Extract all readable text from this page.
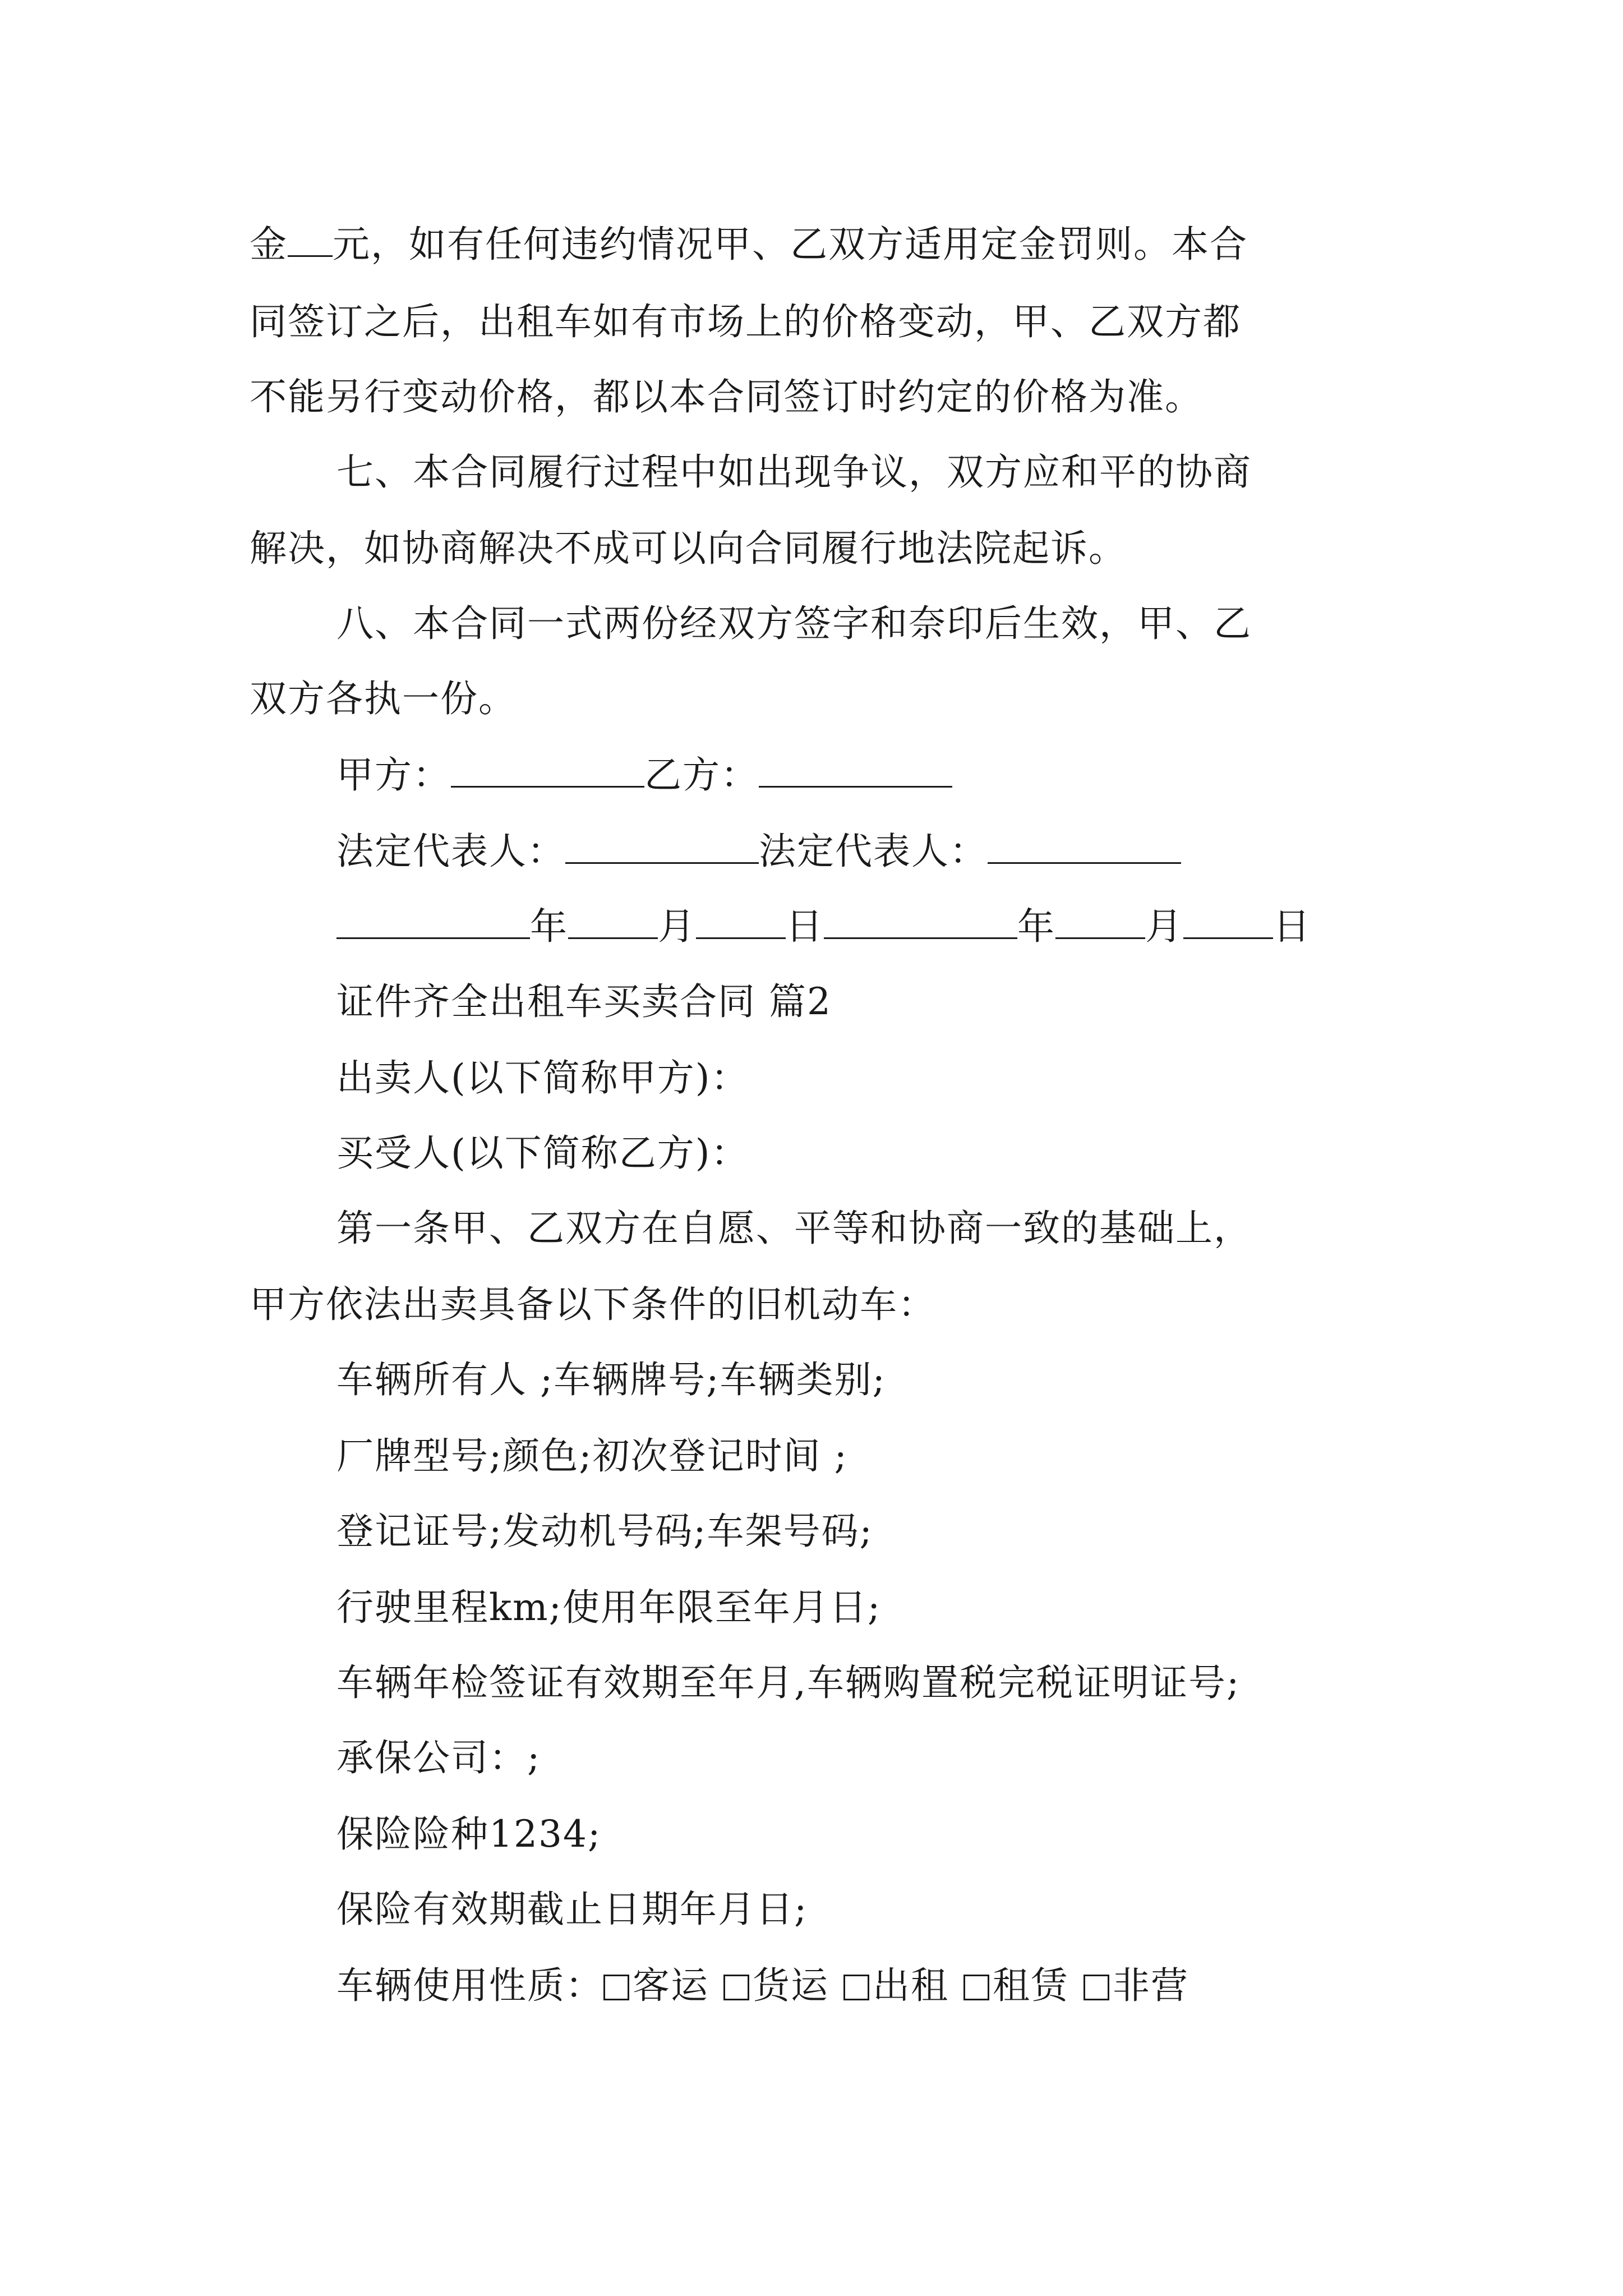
金 元，如有任何违约情况甲、乙双方适用定金罚则。本合
同签订之后，出租车如有市场上的价格变动，甲、乙双方都
不能另行变动价格，都以本合同签订时约定的价格为准。
七、本合同履行过程中如出现争议，双方应和平的协商
解决，如协商解决不成可以向合同履行地法院起诉。
八、本合同一式两份经双方签字和奈印后生效，甲、乙
双方各执一份。
甲方：	乙方：
法定代表人：	法定代表人：
年 月 日	年 月 日
证件齐全出租车买卖合同 篇2
出卖人(以下简称甲方)：
买受人(以下简称乙方)：
第一条甲、乙双方在自愿、平等和协商一致的基础上，
甲方依法出卖具备以下条件的旧机动车：
车辆所有人 ;车辆牌号;车辆类别;
厂牌型号;颜色;初次登记时间 ;
登记证号;发动机号码;车架号码;
行驶里程km;使用年限至年月日;
车辆年检签证有效期至年月,车辆购置税完税证明证号;
承保公司：;
保险险种1234;
保险有效期截止日期年月日;
车辆使用性质： 客运 货运 出租 租赁 非营
